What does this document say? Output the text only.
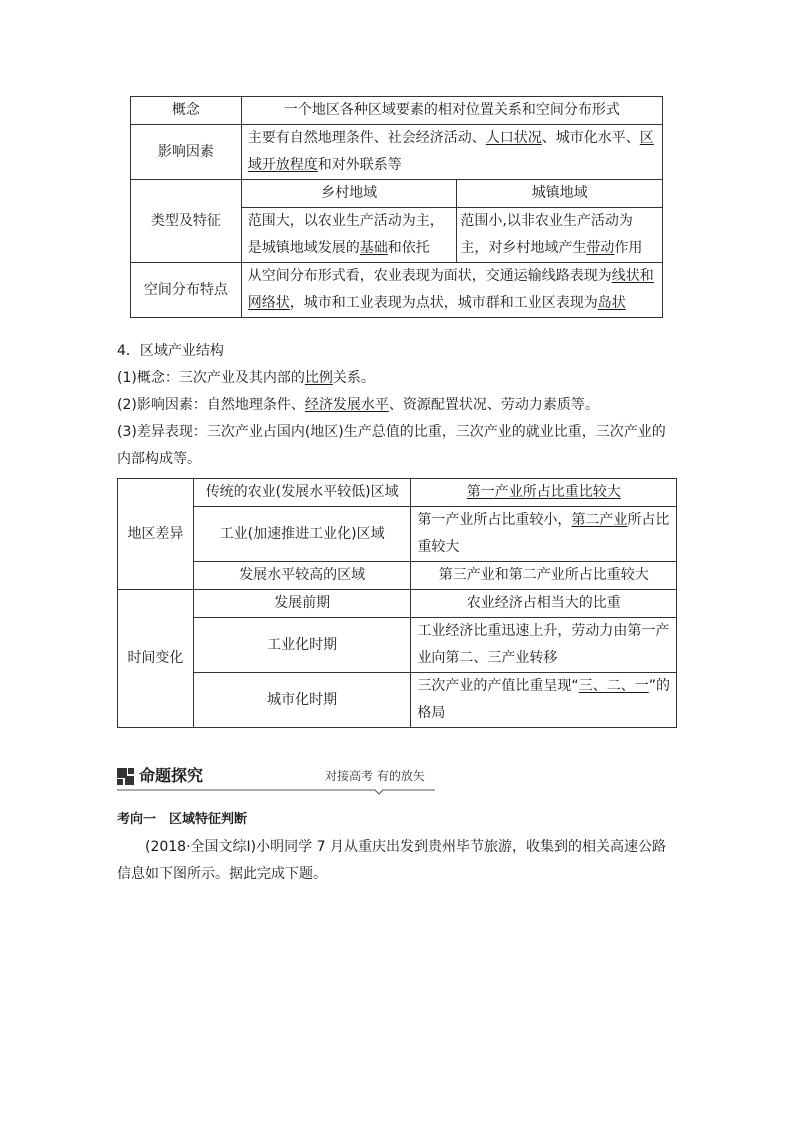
概念	一个地区各种区域要素的相对位置关系和空间分布形式	
影响因素	主要有自然地理条件、社会经济活动、人口状况、城市化水平、区域开放程度和对外联系等	
类型及特征	乡村地域	城镇地域
	范围大，以农业生产活动为主，是城镇地域发展的基础和依托	范围小,以非农业生产活动为主，对乡村地域产生带动作用
空间分布特点	从空间分布形式看，农业表现为面状，交通运输线路表现为线状和网络状，城市和工业表现为点状，城市群和工业区表现为岛状	
4．区域产业结构
(1)概念：三次产业及其内部的比例关系。
(2)影响因素：自然地理条件、经济发展水平、资源配置状况、劳动力素质等。
(3)差异表现：三次产业占国内(地区)生产总值的比重，三次产业的就业比重，三次产业的内部构成等。
地区差异	传统的农业(发展水平较低)区域	第一产业所占比重比较大
	工业(加速推进工业化)区域	第一产业所占比重较小，第二产业所占比重较大
	发展水平较高的区域	第三产业和第二产业所占比重较大
时间变化	发展前期	农业经济占相当大的比重
	工业化时期	工业经济比重迅速上升，劳动力由第一产业向第二、三产业转移
	城市化时期	三次产业的产值比重呈现“三、二、一”的格局
命题探究	对接高考 有的放矢
考向一　区域特征判断
(2018·全国文综Ⅰ)小明同学 7 月从重庆出发到贵州毕节旅游，收集到的相关高速公路信息如下图所示。据此完成下题。
